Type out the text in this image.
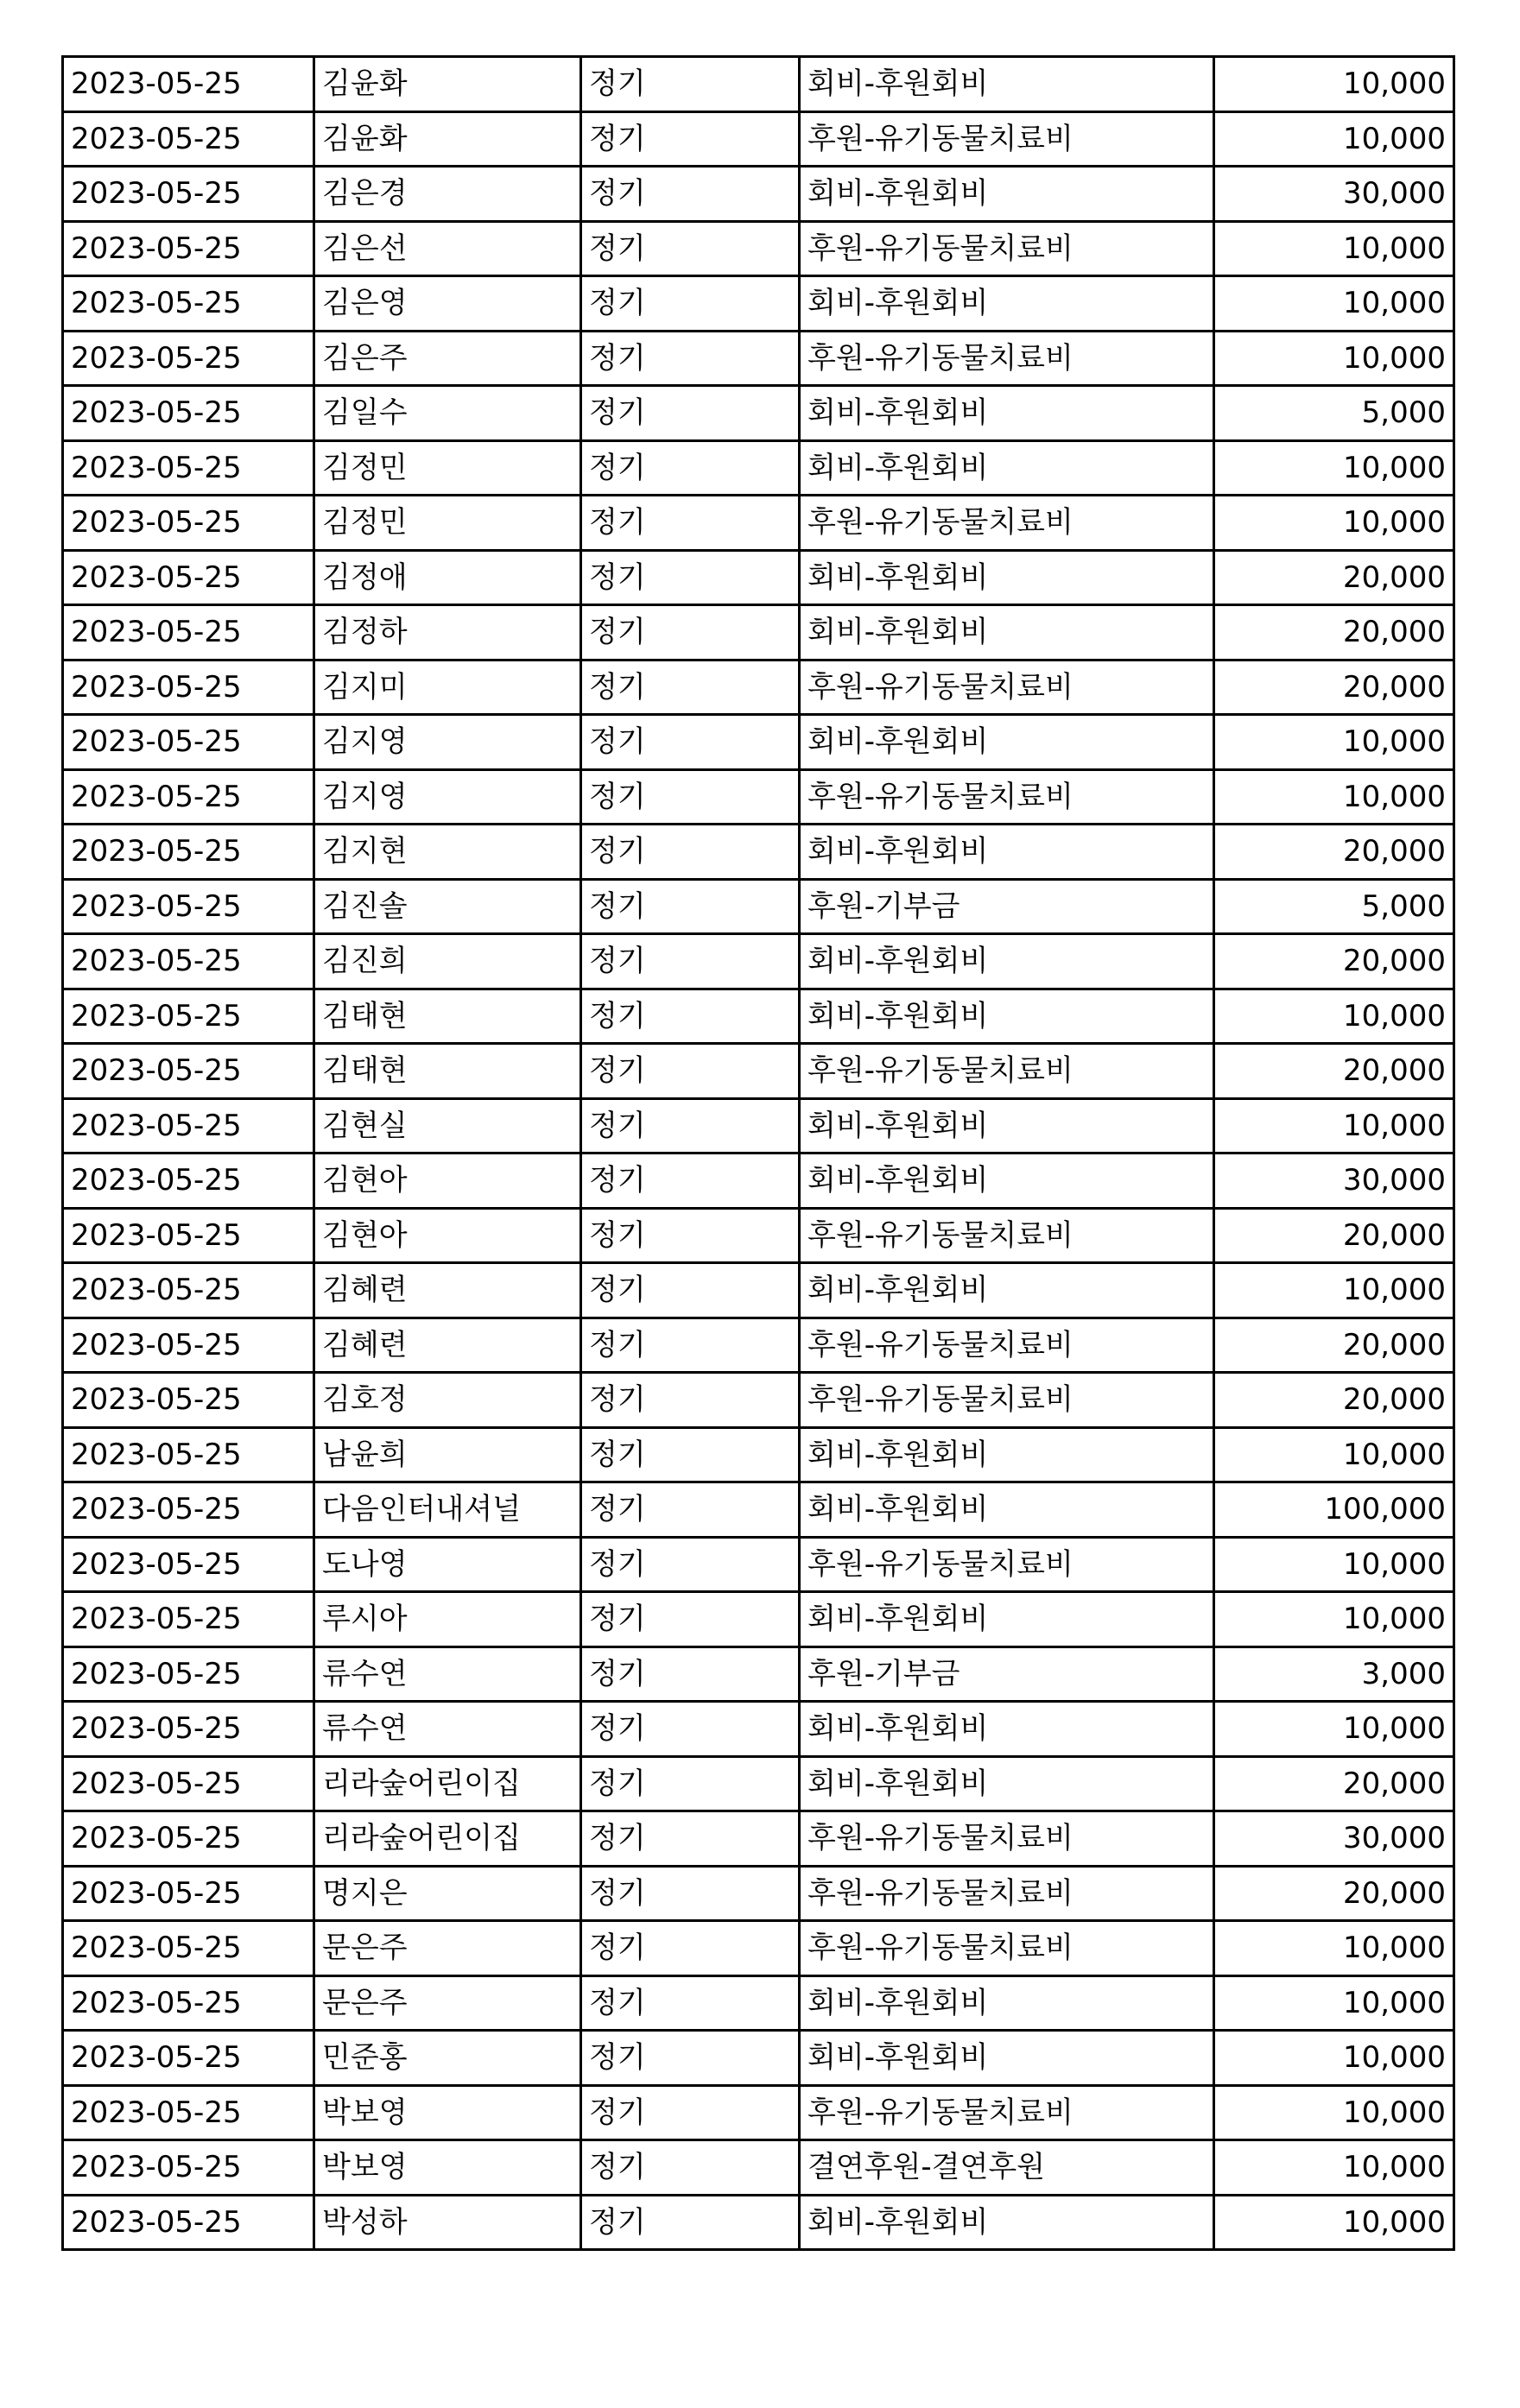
2023-05-25	김윤화	정기	회비-후원회비	10,000
2023-05-25	김윤화	정기	후원-유기동물치료비	10,000
2023-05-25	김은경	정기	회비-후원회비	30,000
2023-05-25	김은선	정기	후원-유기동물치료비	10,000
2023-05-25	김은영	정기	회비-후원회비	10,000
2023-05-25	김은주	정기	후원-유기동물치료비	10,000
2023-05-25	김일수	정기	회비-후원회비	5,000
2023-05-25	김정민	정기	회비-후원회비	10,000
2023-05-25	김정민	정기	후원-유기동물치료비	10,000
2023-05-25	김정애	정기	회비-후원회비	20,000
2023-05-25	김정하	정기	회비-후원회비	20,000
2023-05-25	김지미	정기	후원-유기동물치료비	20,000
2023-05-25	김지영	정기	회비-후원회비	10,000
2023-05-25	김지영	정기	후원-유기동물치료비	10,000
2023-05-25	김지현	정기	회비-후원회비	20,000
2023-05-25	김진솔	정기	후원-기부금	5,000
2023-05-25	김진희	정기	회비-후원회비	20,000
2023-05-25	김태현	정기	회비-후원회비	10,000
2023-05-25	김태현	정기	후원-유기동물치료비	20,000
2023-05-25	김현실	정기	회비-후원회비	10,000
2023-05-25	김현아	정기	회비-후원회비	30,000
2023-05-25	김현아	정기	후원-유기동물치료비	20,000
2023-05-25	김혜련	정기	회비-후원회비	10,000
2023-05-25	김혜련	정기	후원-유기동물치료비	20,000
2023-05-25	김호정	정기	후원-유기동물치료비	20,000
2023-05-25	남윤희	정기	회비-후원회비	10,000
2023-05-25	다음인터내셔널	정기	회비-후원회비	100,000
2023-05-25	도나영	정기	후원-유기동물치료비	10,000
2023-05-25	루시아	정기	회비-후원회비	10,000
2023-05-25	류수연	정기	후원-기부금	3,000
2023-05-25	류수연	정기	회비-후원회비	10,000
2023-05-25	리라숲어린이집	정기	회비-후원회비	20,000
2023-05-25	리라숲어린이집	정기	후원-유기동물치료비	30,000
2023-05-25	명지은	정기	후원-유기동물치료비	20,000
2023-05-25	문은주	정기	후원-유기동물치료비	10,000
2023-05-25	문은주	정기	회비-후원회비	10,000
2023-05-25	민준홍	정기	회비-후원회비	10,000
2023-05-25	박보영	정기	후원-유기동물치료비	10,000
2023-05-25	박보영	정기	결연후원-결연후원	10,000
2023-05-25	박성하	정기	회비-후원회비	10,000
